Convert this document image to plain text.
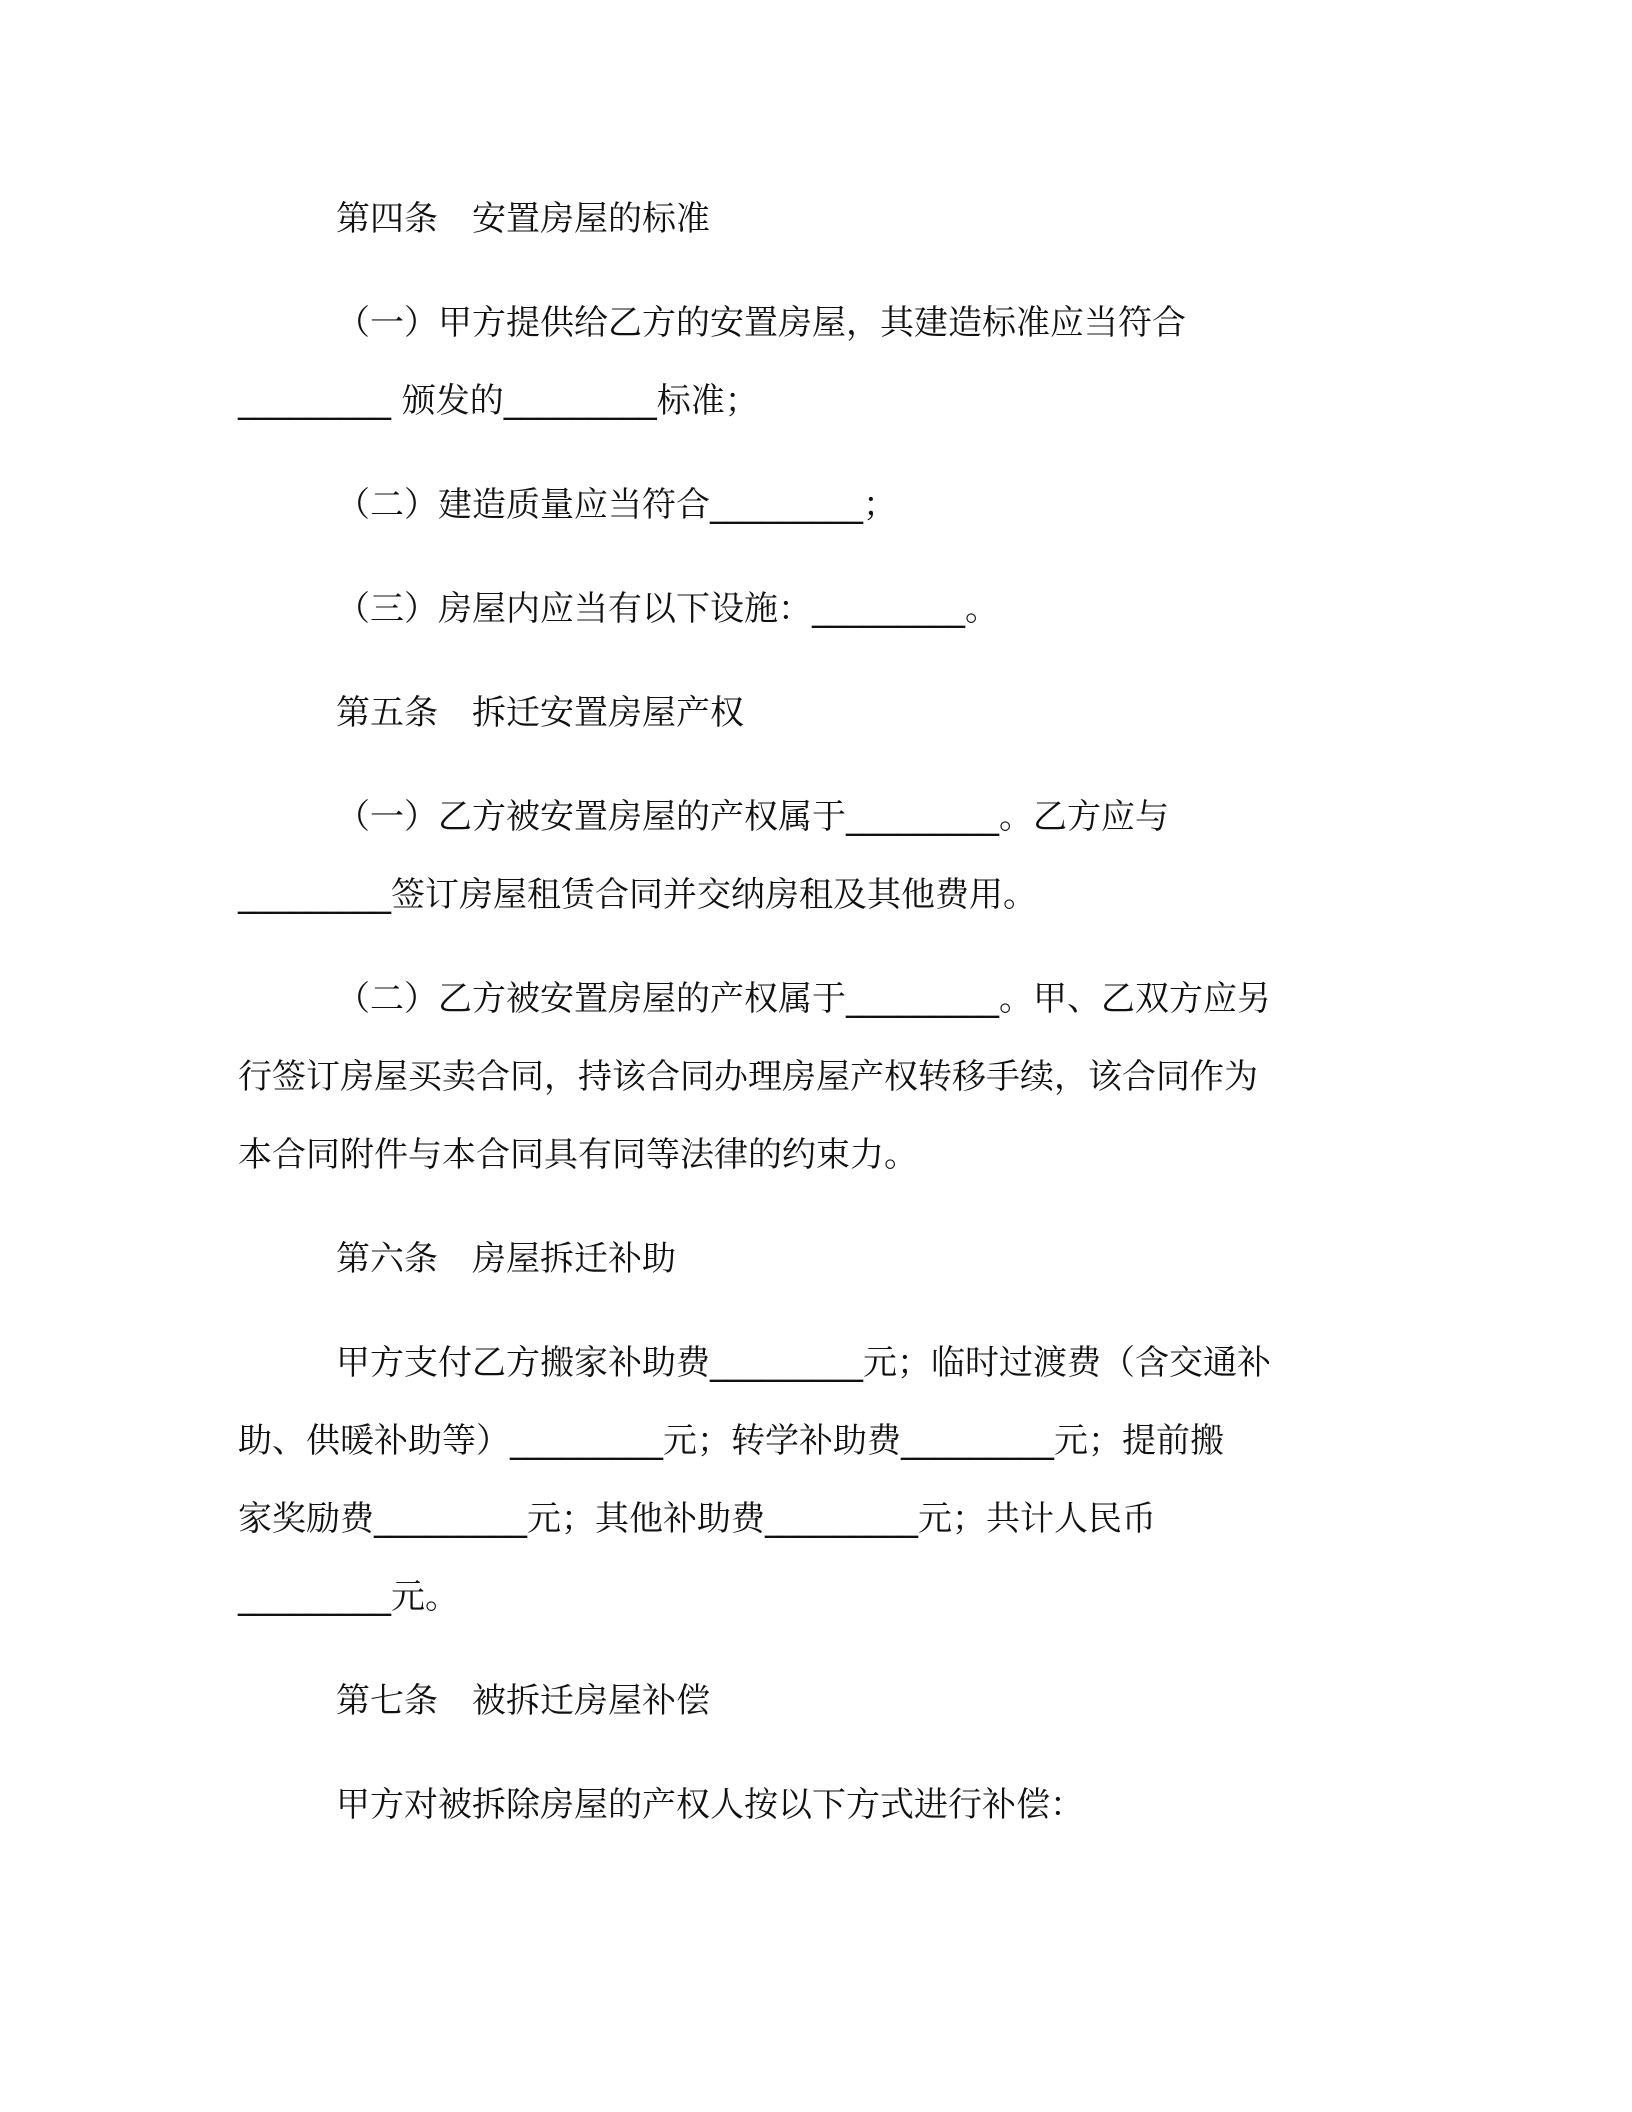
第四条　安置房屋的标准

（一）甲方提供给乙方的安置房屋，其建造标准应当符合

_________ 颁发的_________标准；

（二）建造质量应当符合_________；

（三）房屋内应当有以下设施：_________。

第五条　拆迁安置房屋产权

（一）乙方被安置房屋的产权属于_________。乙方应与

_________签订房屋租赁合同并交纳房租及其他费用。

（二）乙方被安置房屋的产权属于_________。甲、乙双方应另

行签订房屋买卖合同，持该合同办理房屋产权转移手续，该合同作为

本合同附件与本合同具有同等法律的约束力。

第六条　房屋拆迁补助

甲方支付乙方搬家补助费_________元；临时过渡费（含交通补

助、供暖补助等）_________元；转学补助费_________元；提前搬

家奖励费_________元；其他补助费_________元；共计人民币

_________元。

第七条　被拆迁房屋补偿

甲方对被拆除房屋的产权人按以下方式进行补偿：
